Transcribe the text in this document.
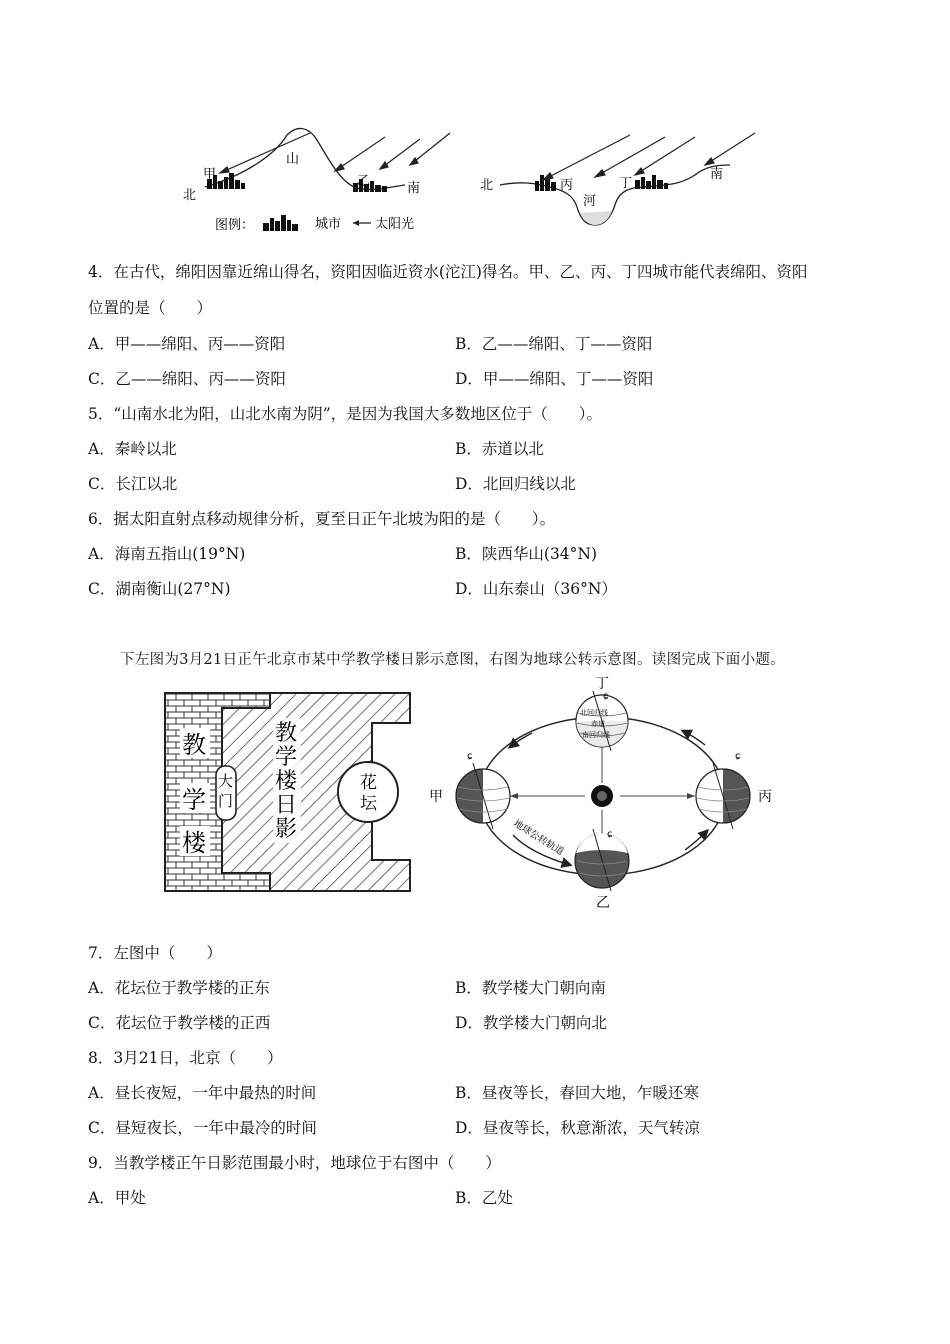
山
甲
北
乙	南
图例：	城市	太阳光
北	丙
河
丁
南
4．在古代，绵阳因靠近绵山得名，资阳因临近资水(沱江)得名。甲、乙、丙、丁四城市能代表绵阳、资阳
位置的是（　　）
A．甲——绵阳、丙——资阳	B．乙——绵阳、丁——资阳
C．乙——绵阳、丙——资阳	D．甲——绵阳、丁——资阳
5．“山南水北为阳，山北水南为阴”，是因为我国大多数地区位于（　　）。
A．秦岭以北	B．赤道以北
C．长江以北	D．北回归线以北
6．据太阳直射点移动规律分析，夏至日正午北坡为阳的是（　　）。
A．海南五指山(19°N)	B．陕西华山(34°N)
C．湖南衡山(27°N)	D．山东泰山（36°N）
下左图为3月21日正午北京市某中学教学楼日影示意图，右图为地球公转示意图。读图完成下面小题。
教
学
楼
大
门
教
学
楼
日
影
花
坛
ɕ	ɕ
北回归线
赤道
南回归线
ɕ
ɕ
地球公转轨道
甲	丙
丁
乙
7．左图中（　　）
A．花坛位于教学楼的正东	B．教学楼大门朝向南
C．花坛位于教学楼的正西	D．教学楼大门朝向北
8．3月21日，北京（　　）
A．昼长夜短，一年中最热的时间	B．昼夜等长，春回大地，乍暖还寒
C．昼短夜长，一年中最冷的时间	D．昼夜等长，秋意渐浓，天气转凉
9．当教学楼正午日影范围最小时，地球位于右图中（　　）
A．甲处	B．乙处
